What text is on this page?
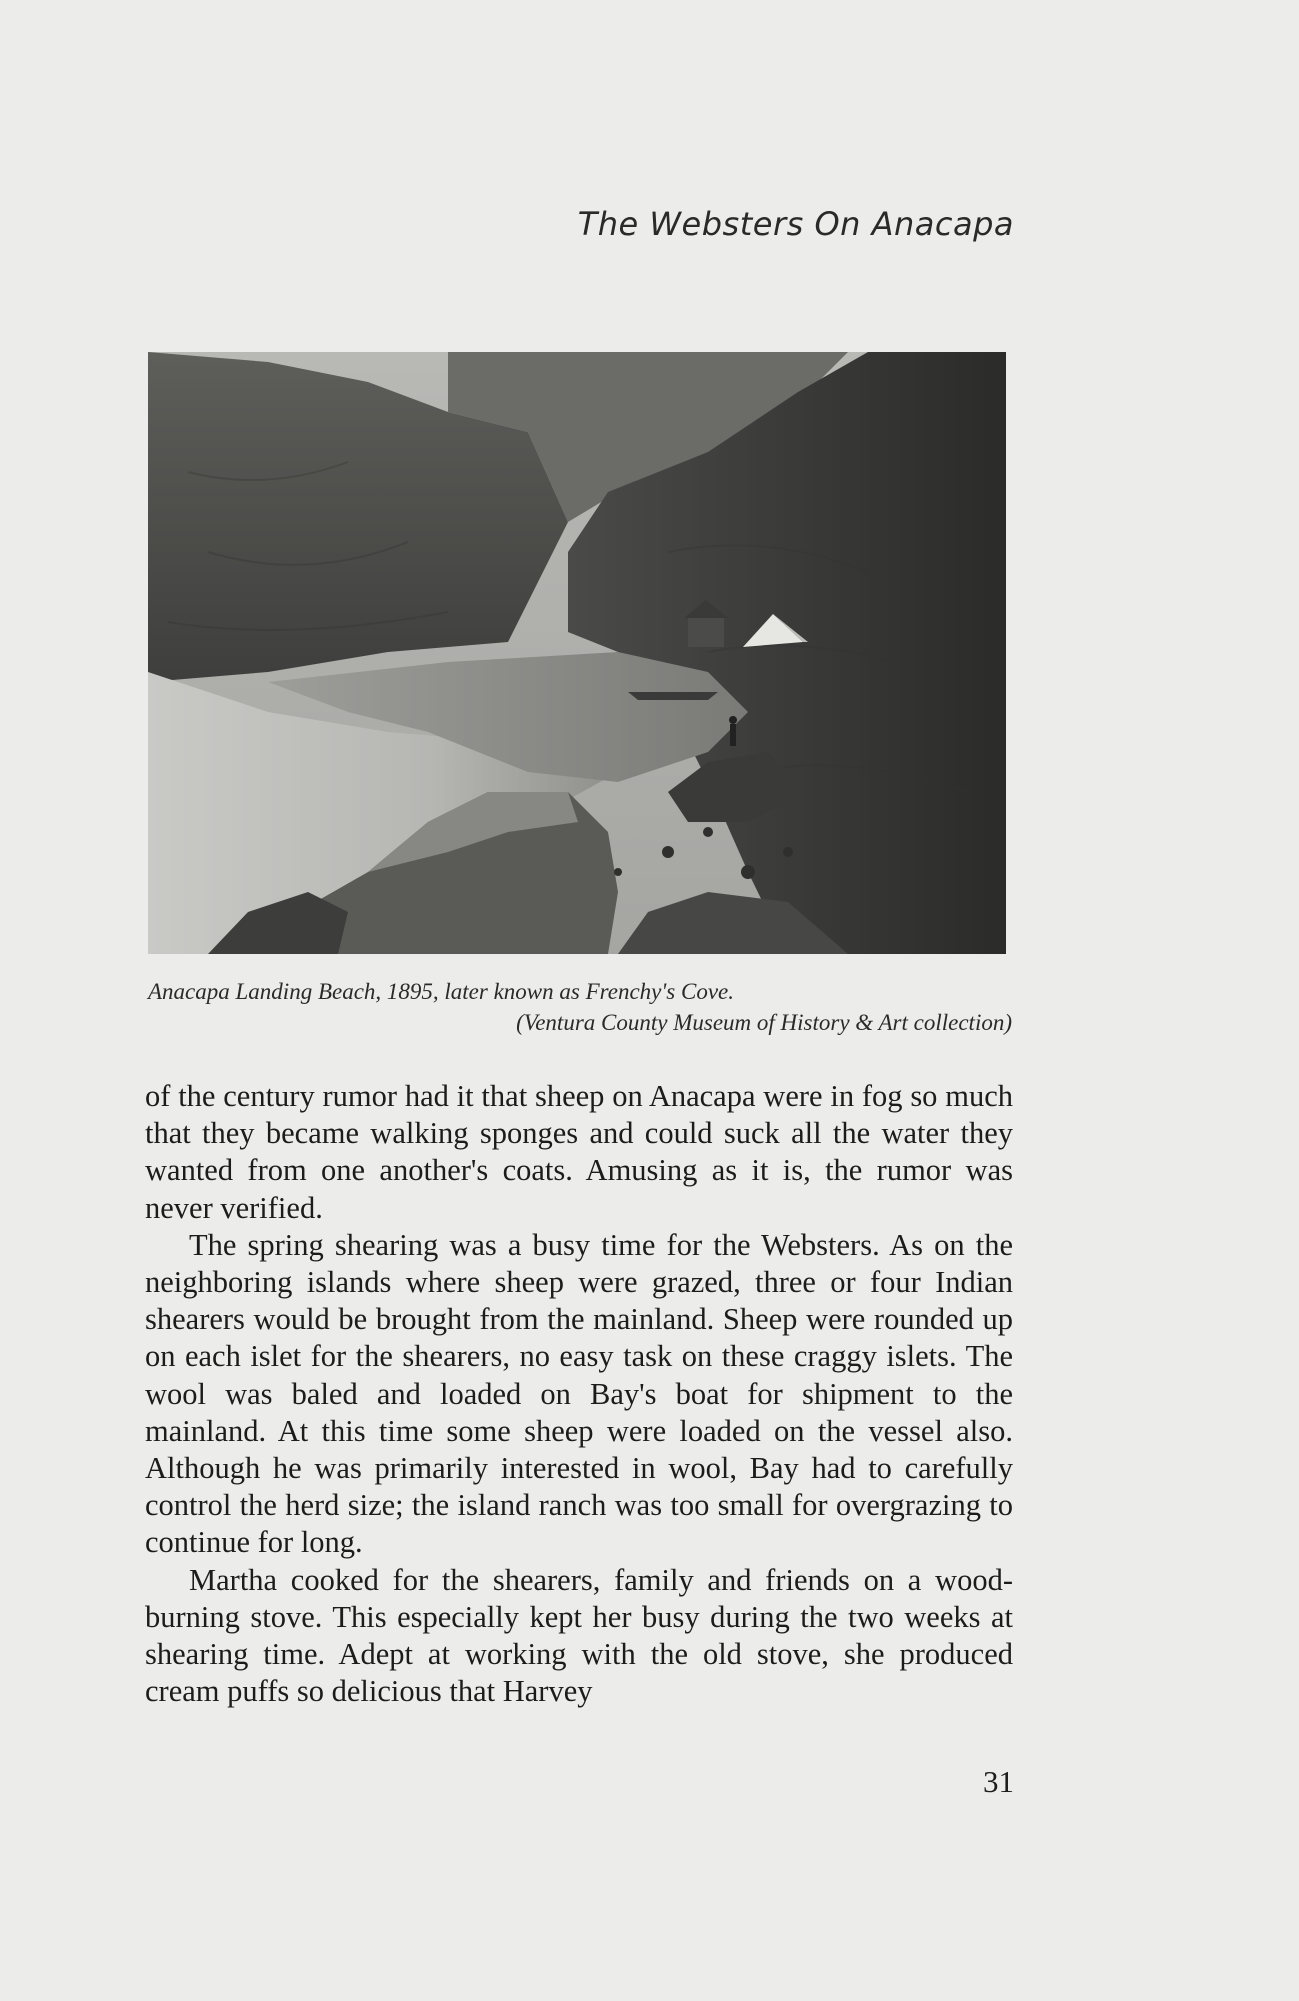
The Websters On Anacapa
Anacapa Landing Beach, 1895, later known as Frenchy's Cove.
(Ventura County Museum of History & Art collection)

of the century rumor had it that sheep on Anacapa were in fog so much that they became walking sponges and could suck all the water they wanted from one another's coats. Amusing as it is, the rumor was never verified.

The spring shearing was a busy time for the Websters. As on the neighboring islands where sheep were grazed, three or four Indian shearers would be brought from the mainland. Sheep were rounded up on each islet for the shearers, no easy task on these craggy islets. The wool was baled and loaded on Bay's boat for shipment to the mainland. At this time some sheep were loaded on the vessel also. Although he was primarily interested in wool, Bay had to carefully control the herd size; the island ranch was too small for overgrazing to continue for long.

Martha cooked for the shearers, family and friends on a wood-burning stove. This especially kept her busy during the two weeks at shearing time. Adept at working with the old stove, she produced cream puffs so delicious that Harvey

31
